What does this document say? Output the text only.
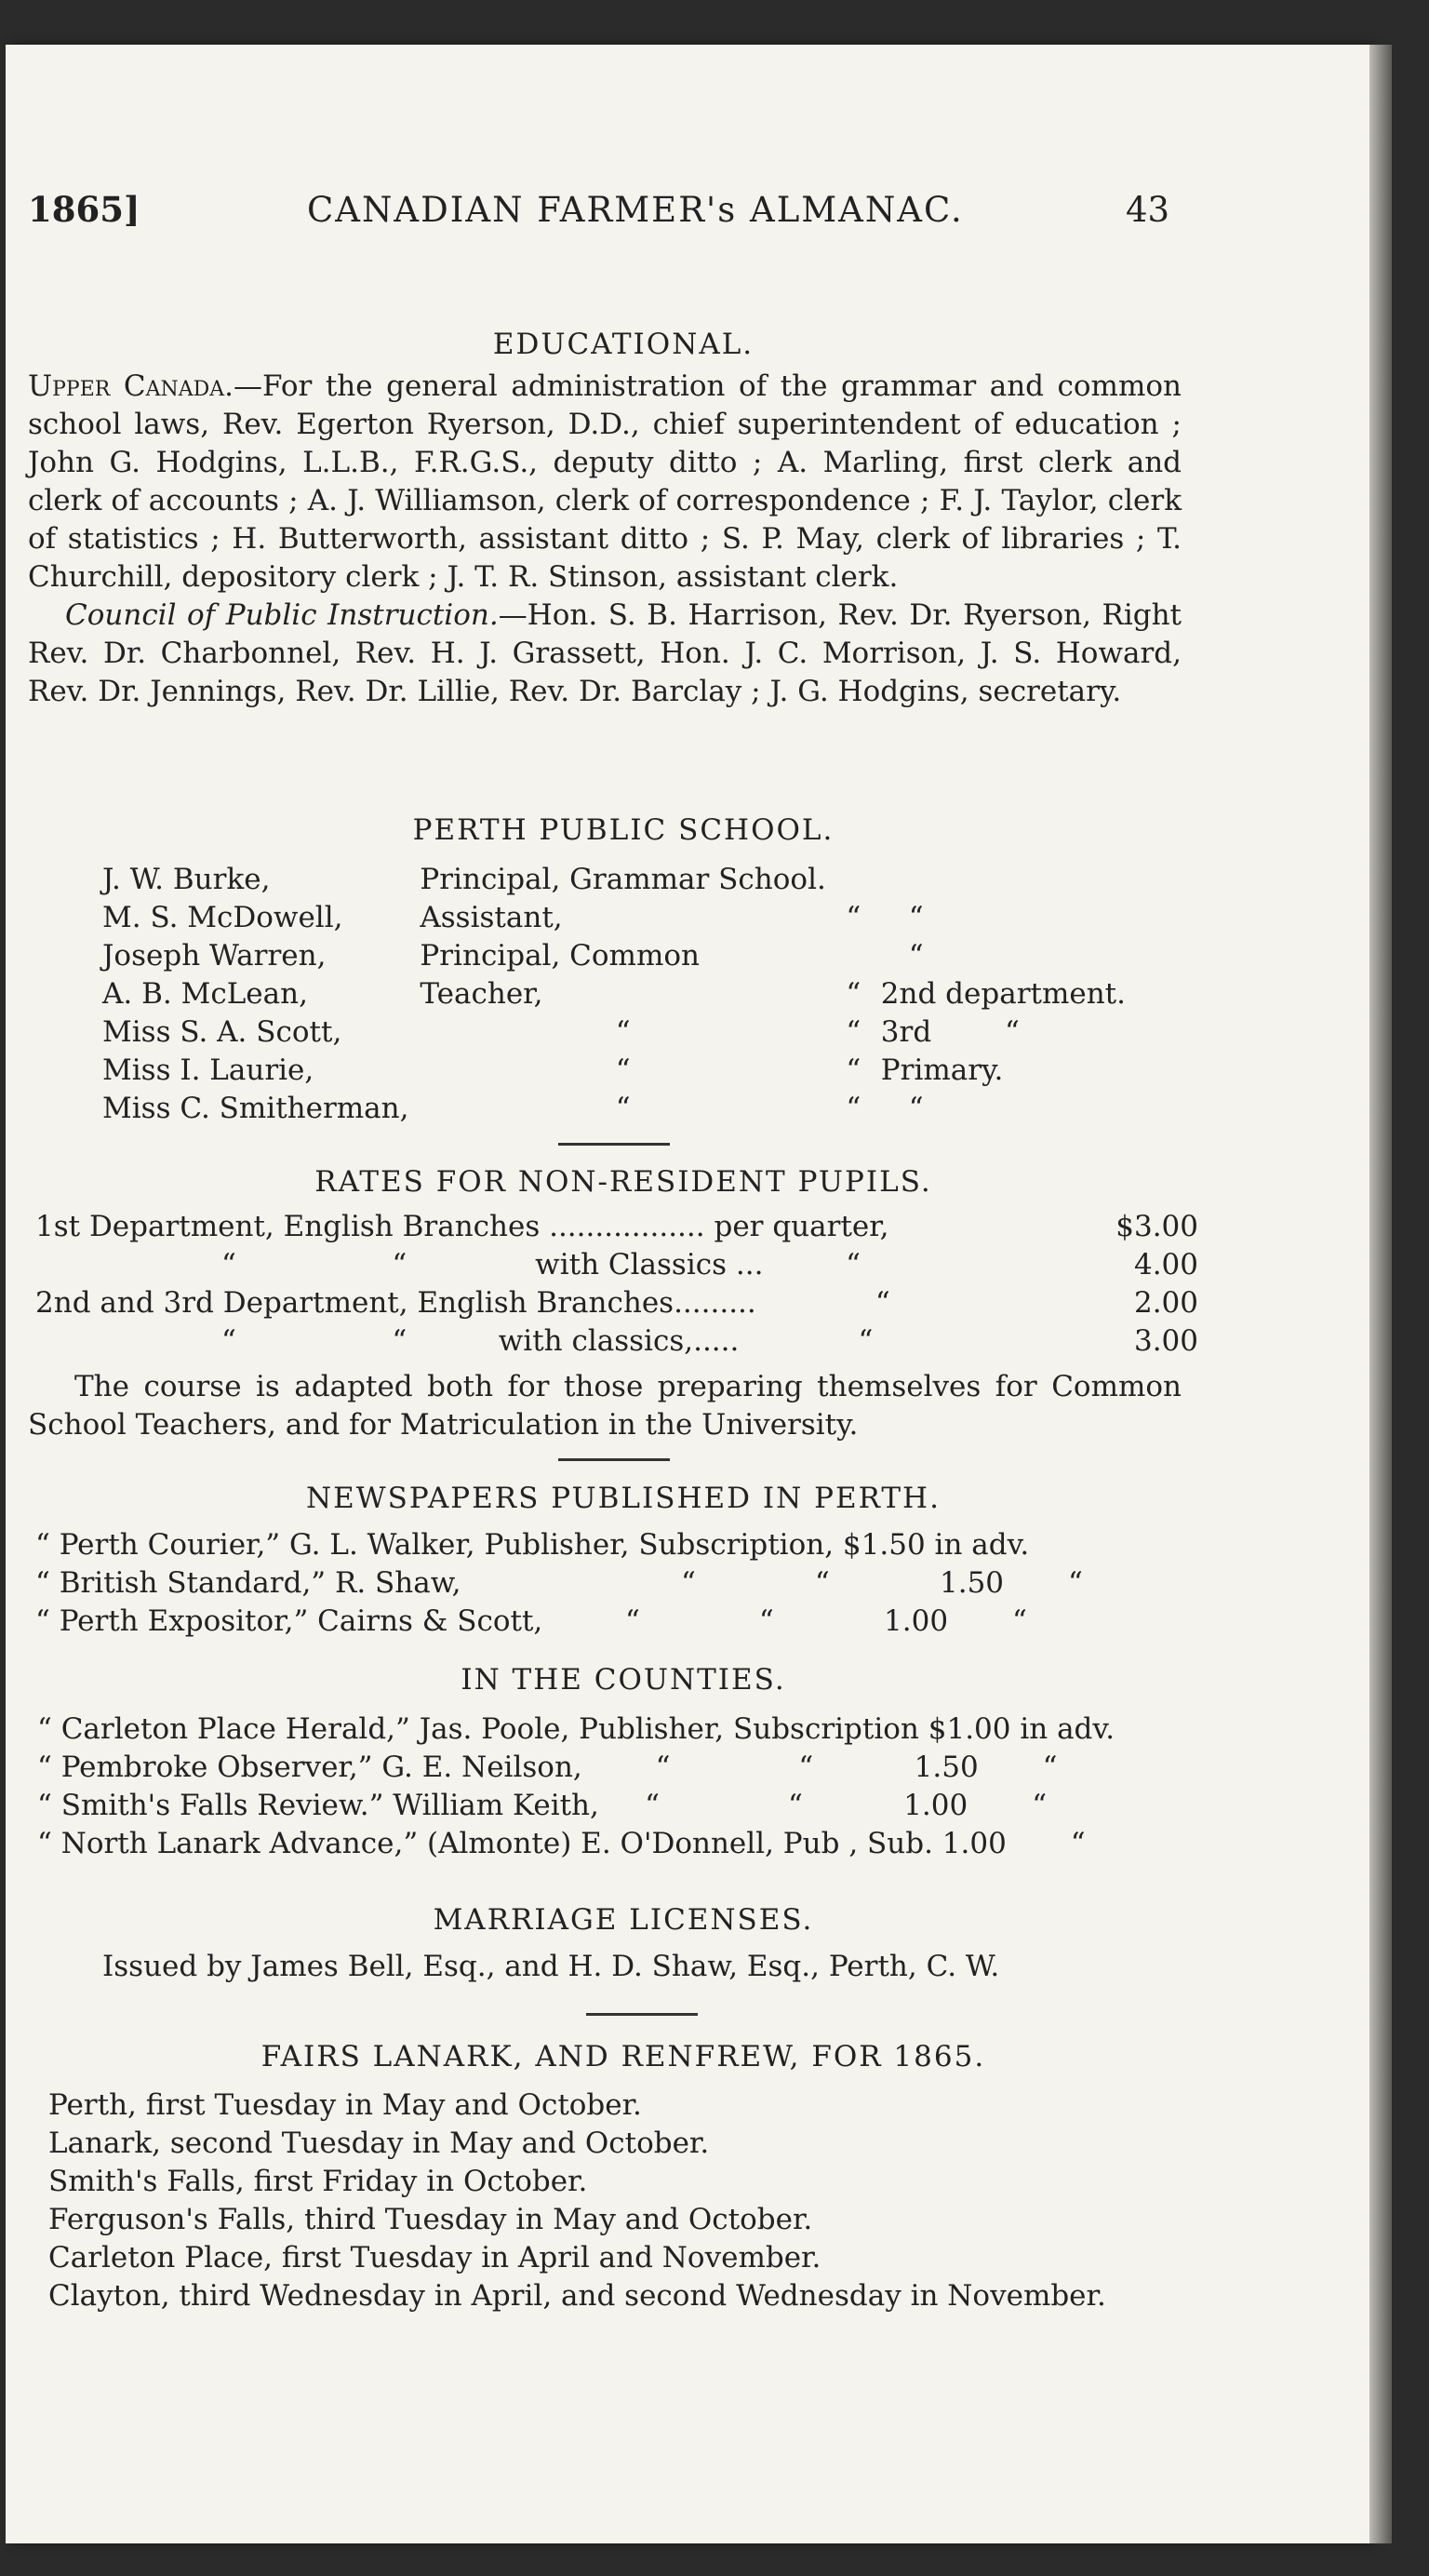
1865]	CANADIAN FARMER's ALMANAC.	43
EDUCATIONAL.

Upper Canada.—For the general administration of the grammar and common school laws, Rev. Egerton Ryerson, D.D., chief superintendent of education ; John G. Hodgins, L.L.B., F.R.G.S., deputy ditto ; A. Marling, first clerk and clerk of accounts ; A. J. Williamson, clerk of correspondence ; F. J. Taylor, clerk of statistics ; H. Butterworth, assistant ditto ; S. P. May, clerk of libraries ; T. Churchill, depository clerk ; J. T. R. Stinson, assistant clerk.

Council of Public Instruction.—Hon. S. B. Harrison, Rev. Dr. Ryerson, Right Rev. Dr. Charbonnel, Rev. H. J. Grassett, Hon. J. C. Morrison, J. S. Howard, Rev. Dr. Jennings, Rev. Dr. Lillie, Rev. Dr. Barclay ; J. G. Hodgins, secretary.

PERTH PUBLIC SCHOOL.
J. W. Burke,	Principal, Grammar School.		
M. S. McDowell,	Assistant,	“	“
Joseph Warren,	Principal, Common		“
A. B. McLean,	Teacher,	“	2nd department.
Miss S. A. Scott,	“	“	3rd        “
Miss I. Laurie,	“	“	Primary.
Miss C. Smitherman,	“	“	“
RATES FOR NON-RESIDENT PUPILS.
1st Department, English Branches ................. per quarter,	$3.00
“                 “              with Classics ...         “	4.00
2nd and 3rd Department, English Branches.........             “	2.00
“                 “          with classics,.....             “	3.00
The course is adapted both for those preparing themselves for Common School Teachers, and for Matriculation in the University.
NEWSPAPERS PUBLISHED IN PERTH.
“ Perth Courier,” G. L. Walker, Publisher, Subscription, $1.50 in adv.
“ British Standard,” R. Shaw,                        “             “            1.50       “
“ Perth Expositor,” Cairns & Scott,         “             “            1.00       “
IN THE COUNTIES.
“ Carleton Place Herald,” Jas. Poole, Publisher, Subscription $1.00 in adv.
“ Pembroke Observer,” G. E. Neilson,        “              “           1.50       “
“ Smith's Falls Review.” William Keith,     “              “           1.00       “
“ North Lanark Advance,” (Almonte) E. O'Donnell, Pub , Sub. 1.00       “
MARRIAGE LICENSES.
Issued by James Bell, Esq., and H. D. Shaw, Esq., Perth, C. W.
FAIRS LANARK, AND RENFREW, FOR 1865.
Perth, first Tuesday in May and October.
Lanark, second Tuesday in May and October.
Smith's Falls, first Friday in October.
Ferguson's Falls, third Tuesday in May and October.
Carleton Place, first Tuesday in April and November.
Clayton, third Wednesday in April, and second Wednesday in November.
